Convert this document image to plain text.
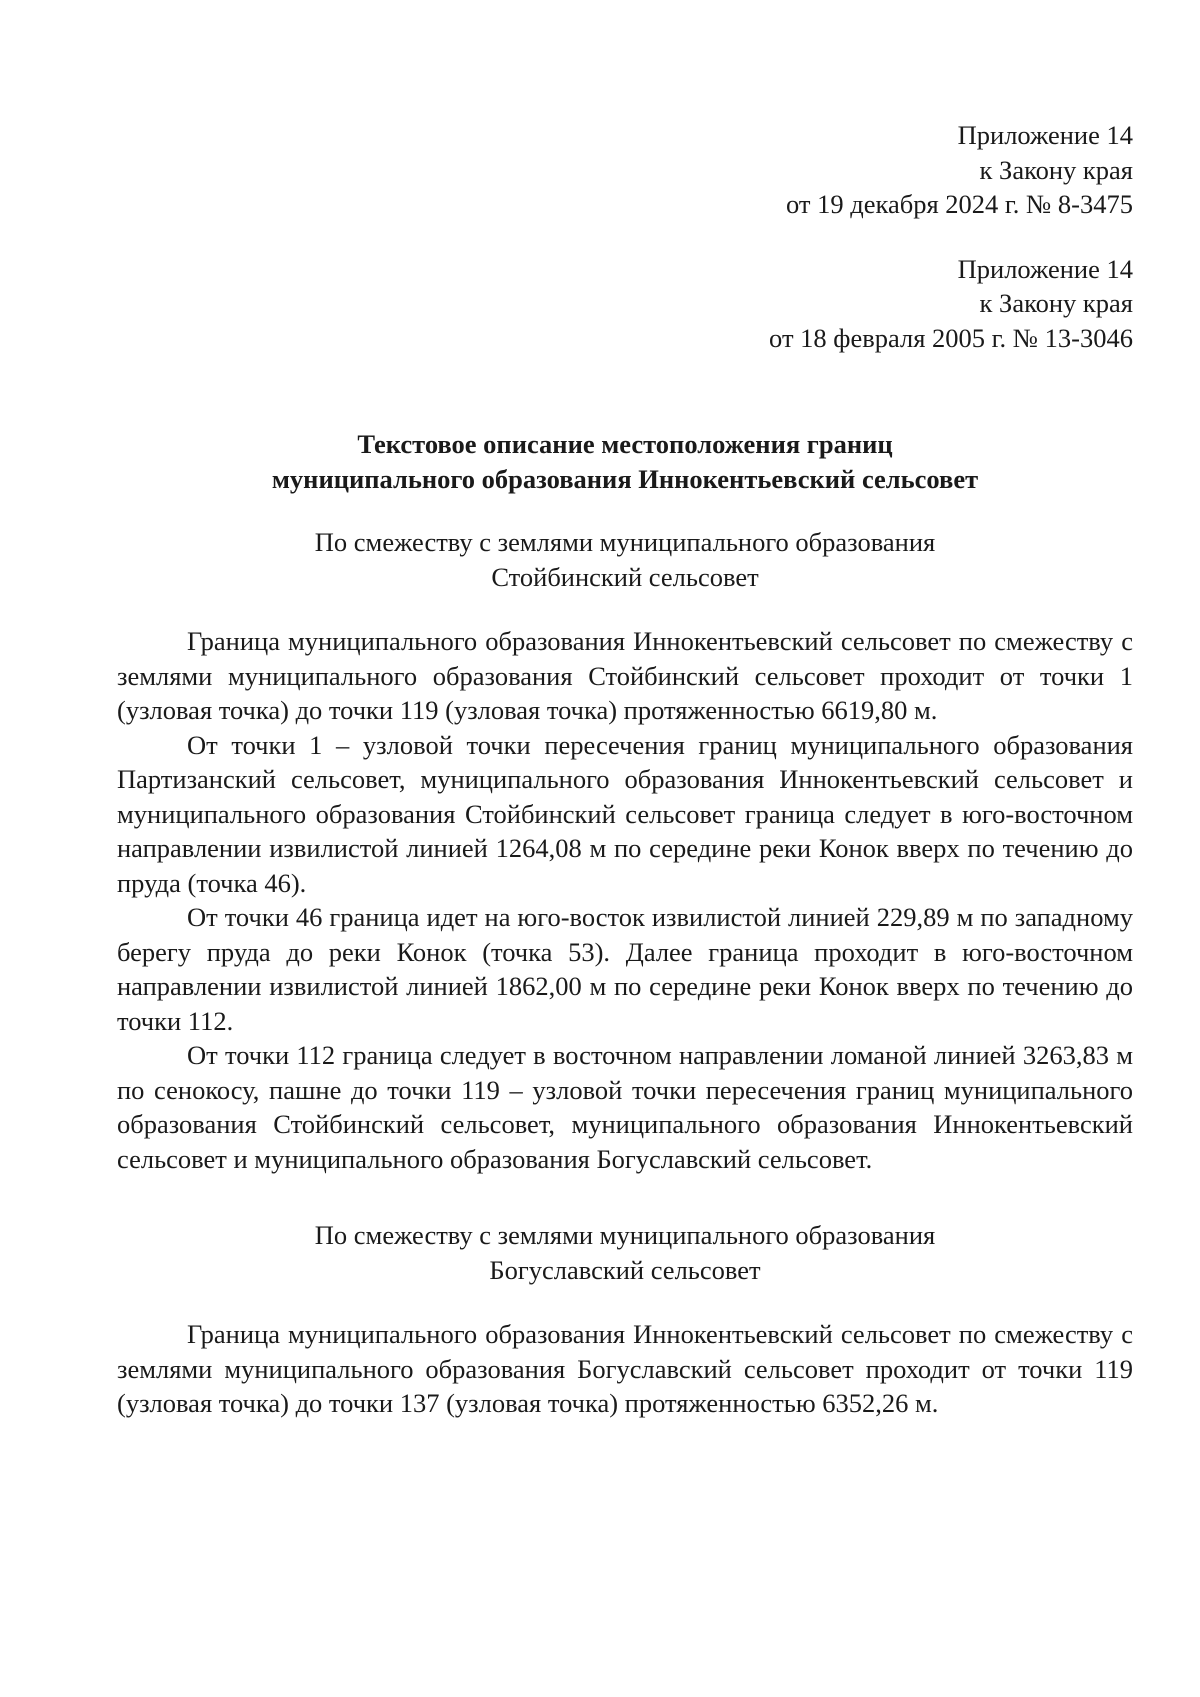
Приложение 14

к Закону края

от 19 декабря 2024 г. № 8-3475

Приложение 14

к Закону края

от 18 февраля 2005 г. № 13-3046

Текстовое описание местоположения границ

муниципального образования Иннокентьевский сельсовет

По смежеству с землями муниципального образования

Стойбинский сельсовет

Граница муниципального образования Иннокентьевский сельсовет по смежеству с землями муниципального образования Стойбинский сельсовет проходит от точки 1 (узловая точка) до точки 119 (узловая точка) протяженностью 6619,80 м.

От точки 1 – узловой точки пересечения границ муниципального образования Партизанский сельсовет, муниципального образования Иннокентьевский сельсовет и муниципального образования Стойбинский сельсовет граница следует в юго-восточном направлении извилистой линией 1264,08 м по середине реки Конок вверх по течению до пруда (точка 46).

От точки 46 граница идет на юго-восток извилистой линией 229,89 м по западному берегу пруда до реки Конок (точка 53). Далее граница проходит в юго-восточном направлении извилистой линией 1862,00 м по середине реки Конок вверх по течению до точки 112.

От точки 112 граница следует в восточном направлении ломаной линией 3263,83 м по сенокосу, пашне до точки 119 – узловой точки пересечения границ муниципального образования Стойбинский сельсовет, муниципального образования Иннокентьевский сельсовет и муниципального образования Богуславский сельсовет.

По смежеству с землями муниципального образования

Богуславский сельсовет

Граница муниципального образования Иннокентьевский сельсовет по смежеству с землями муниципального образования Богуславский сельсовет проходит от точки 119 (узловая точка) до точки 137 (узловая точка) протяженностью 6352,26 м.
